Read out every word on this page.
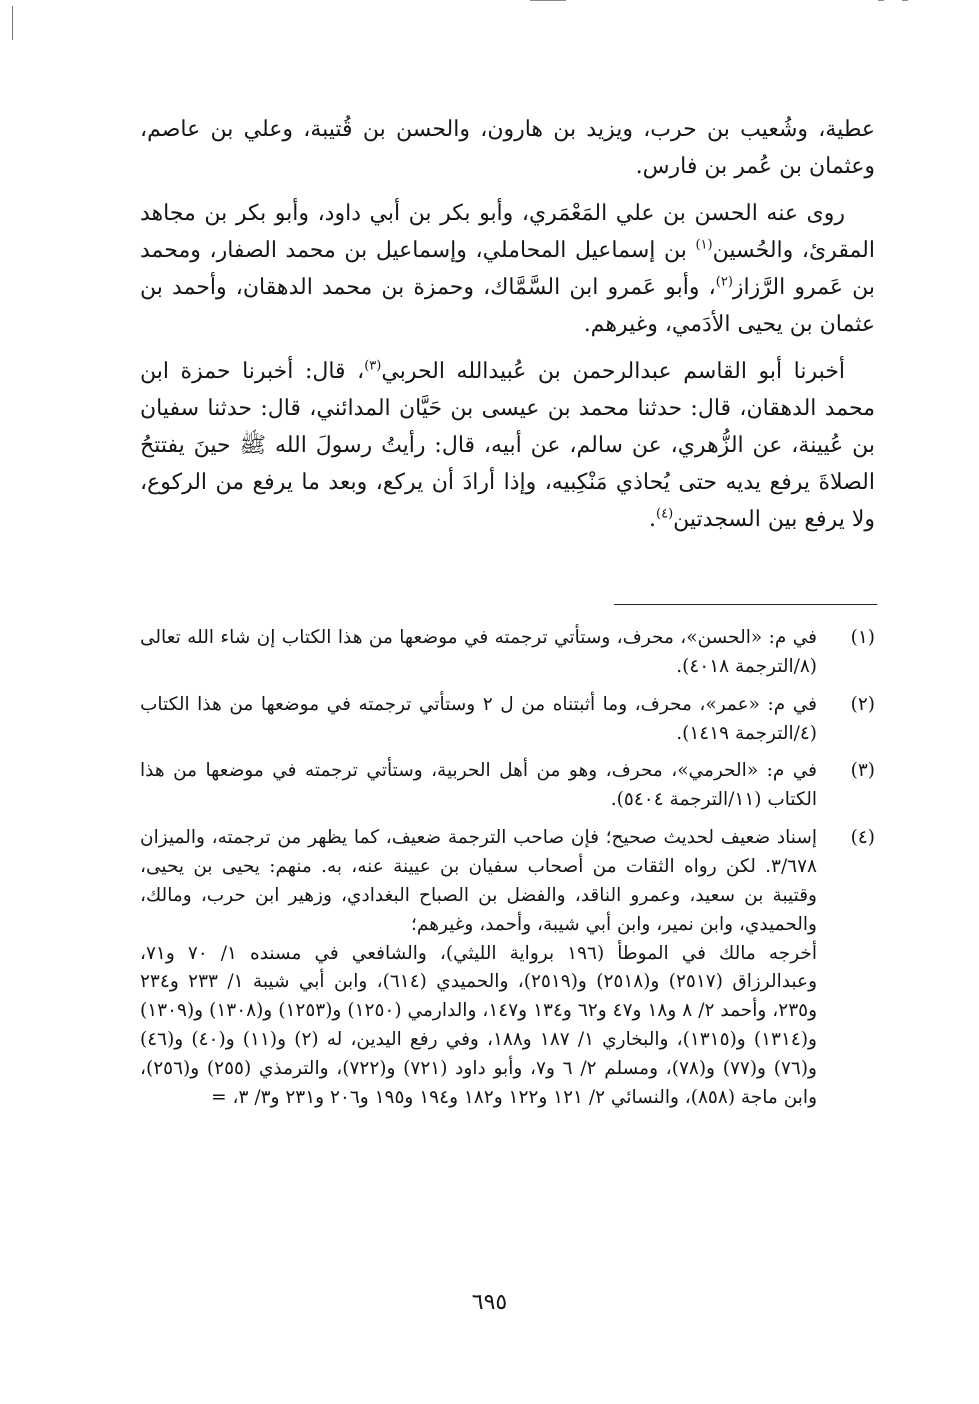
عطية، وشُعيب بن حرب، ويزيد بن هارون، والحسن بن قُتيبة، وعلي بن عاصم، وعثمان بن عُمر بن فارس.

روى عنه الحسن بن علي المَعْمَري، وأبو بكر بن أبي داود، وأبو بكر بن مجاهد المقرئ، والحُسين$^{(١)}$ بن إسماعيل المحاملي، وإسماعيل بن محمد الصفار، ومحمد بن عَمرو الرَّزاز$^{(٢)}$، وأبو عَمرو ابن السَّمَّاك، وحمزة بن محمد الدهقان، وأحمد بن عثمان بن يحيى الأدَمي، وغيرهم.

أخبرنا أبو القاسم عبدالرحمن بن عُبيدالله الحربي$^{(٣)}$، قال: أخبرنا حمزة ابن محمد الدهقان، قال: حدثنا محمد بن عيسى بن حَيَّان المدائني، قال: حدثنا سفيان بن عُيينة، عن الزُّهري، عن سالم، عن أبيه، قال: رأيتُ رسولَ الله ﷺ حينَ يفتتحُ الصلاةَ يرفع يديه حتى يُحاذي مَنْكِبيه، وإذا أرادَ أن يركع، وبعد ما يرفع من الركوع، ولا يرفع بين السجدتين$^{(٤)}$.

(١)

في م: «الحسن»، محرف، وستأتي ترجمته في موضعها من هذا الكتاب إن شاء الله تعالى (٨/الترجمة ٤٠١٨).

(٢)

في م: «عمر»، محرف، وما أثبتناه من ل ٢ وستأتي ترجمته في موضعها من هذا الكتاب (٤/الترجمة ١٤١٩).

(٣)

في م: «الحرمي»، محرف، وهو من أهل الحربية، وستأتي ترجمته في موضعها من هذا الكتاب (١١/الترجمة ٥٤٠٤).

(٤)

إسناد ضعيف لحديث صحيح؛ فإن صاحب الترجمة ضعيف، كما يظهر من ترجمته، والميزان ٣/٦٧٨. لكن رواه الثقات من أصحاب سفيان بن عيينة عنه، به. منهم: يحيى بن يحيى، وقتيبة بن سعيد، وعمرو الناقد، والفضل بن الصباح البغدادي، وزهير ابن حرب، ومالك، والحميدي، وابن نمير، وابن أبي شيبة، وأحمد، وغيرهم؛

أخرجه مالك في الموطأ (١٩٦ برواية الليثي)، والشافعي في مسنده ١/ ٧٠ و٧١، وعبدالرزاق (٢٥١٧) و(٢٥١٨) و(٢٥١٩)، والحميدي (٦١٤)، وابن أبي شيبة ١/ ٢٣٣ و٢٣٤ و٢٣٥، وأحمد ٢/ ٨ و١٨ و٤٧ و٦٢ و١٣٤ و١٤٧، والدارمي (١٢٥٠) و(١٢٥٣) و(١٣٠٨) و(١٣٠٩) و(١٣١٤) و(١٣١٥)، والبخاري ١/ ١٨٧ و١٨٨، وفي رفع اليدين، له (٢) و(١١) و(٤٠) و(٤٦) و(٧٦) و(٧٧) و(٧٨)، ومسلم ٢/ ٦ و٧، وأبو داود (٧٢١) و(٧٢٢)، والترمذي (٢٥٥) و(٢٥٦)، وابن ماجة (٨٥٨)، والنسائي ٢/ ١٢١ و١٢٢ و١٨٢ و١٩٤ و١٩٥ و٢٠٦ و٢٣١ و٣/ ٣، =

٦٩٥
